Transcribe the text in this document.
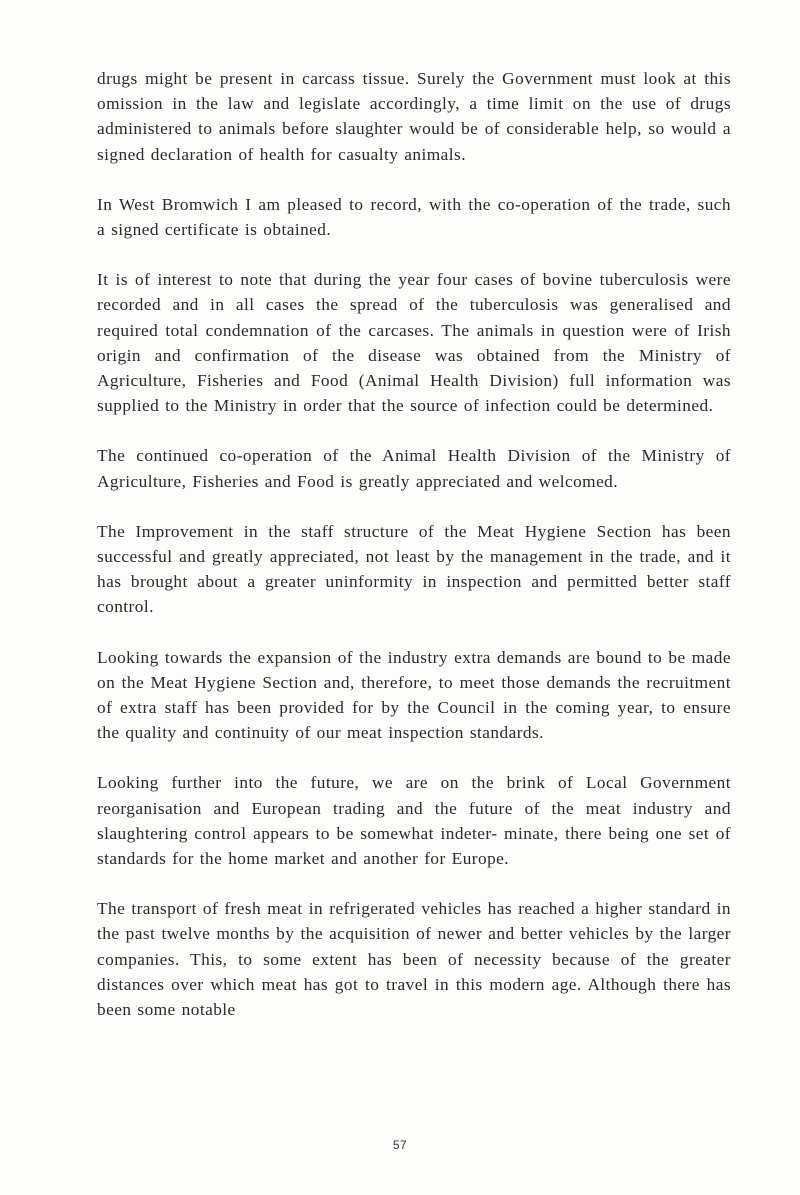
drugs might be present in carcass tissue. Surely the Government must look at this omission in the law and legislate accordingly, a time limit on the use of drugs administered to animals before slaughter would be of considerable help, so would a signed declaration of health for casualty animals.

In West Bromwich I am pleased to record, with the co-operation of the trade, such a signed certificate is obtained.

It is of interest to note that during the year four cases of bovine tuberculosis were recorded and in all cases the spread of the tuberculosis was generalised and required total condemnation of the carcases. The animals in question were of Irish origin and confirmation of the disease was obtained from the Ministry of Agriculture, Fisheries and Food (Animal Health Division) full information was supplied to the Ministry in order that the source of infection could be determined.

The continued co-operation of the Animal Health Division of the Ministry of Agriculture, Fisheries and Food is greatly appreciated and welcomed.

The Improvement in the staff structure of the Meat Hygiene Section has been successful and greatly appreciated, not least by the management in the trade, and it has brought about a greater uninformity in inspection and permitted better staff control.

Looking towards the expansion of the industry extra demands are bound to be made on the Meat Hygiene Section and, therefore, to meet those demands the recruitment of extra staff has been provided for by the Council in the coming year, to ensure the quality and continuity of our meat inspection standards.

Looking further into the future, we are on the brink of Local Government reorganisation and European trading and the future of the meat industry and slaughtering control appears to be somewhat indeter- minate, there being one set of standards for the home market and another for Europe.

The transport of fresh meat in refrigerated vehicles has reached a higher standard in the past twelve months by the acquisition of newer and better vehicles by the larger companies. This, to some extent has been of necessity because of the greater distances over which meat has got to travel in this modern age. Although there has been some notable

57
